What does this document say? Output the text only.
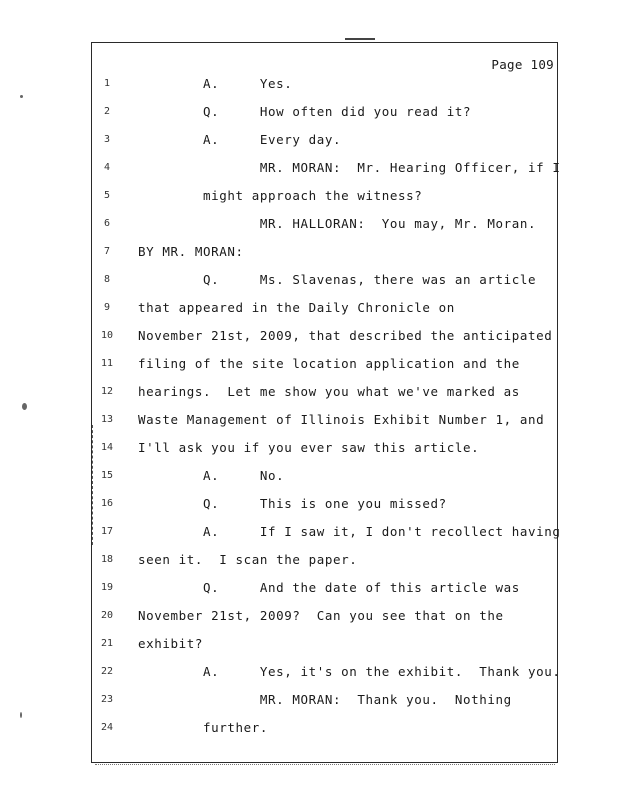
Page 109
1	A.     Yes.
2	Q.     How often did you read it?
3	A.     Every day.
4	MR. MORAN:  Mr. Hearing Officer, if I
5	might approach the witness?
6	MR. HALLORAN:  You may, Mr. Moran.
7	BY MR. MORAN:
8	Q.     Ms. Slavenas, there was an article
9	that appeared in the Daily Chronicle on
10 November 21st, 2009, that described the anticipated
11 filing of the site location application and the
12 hearings.  Let me show you what we've marked as
13 Waste Management of Illinois Exhibit Number 1, and
14 I'll ask you if you ever saw this article.
15 A.     No.
16 Q.     This is one you missed?
17 A.     If I saw it, I don't recollect having
18 seen it.  I scan the paper.
19 Q.     And the date of this article was
20 November 21st, 2009?  Can you see that on the
21 exhibit?
22 A.     Yes, it's on the exhibit.  Thank you.
23 MR. MORAN:  Thank you.  Nothing
24 further.
